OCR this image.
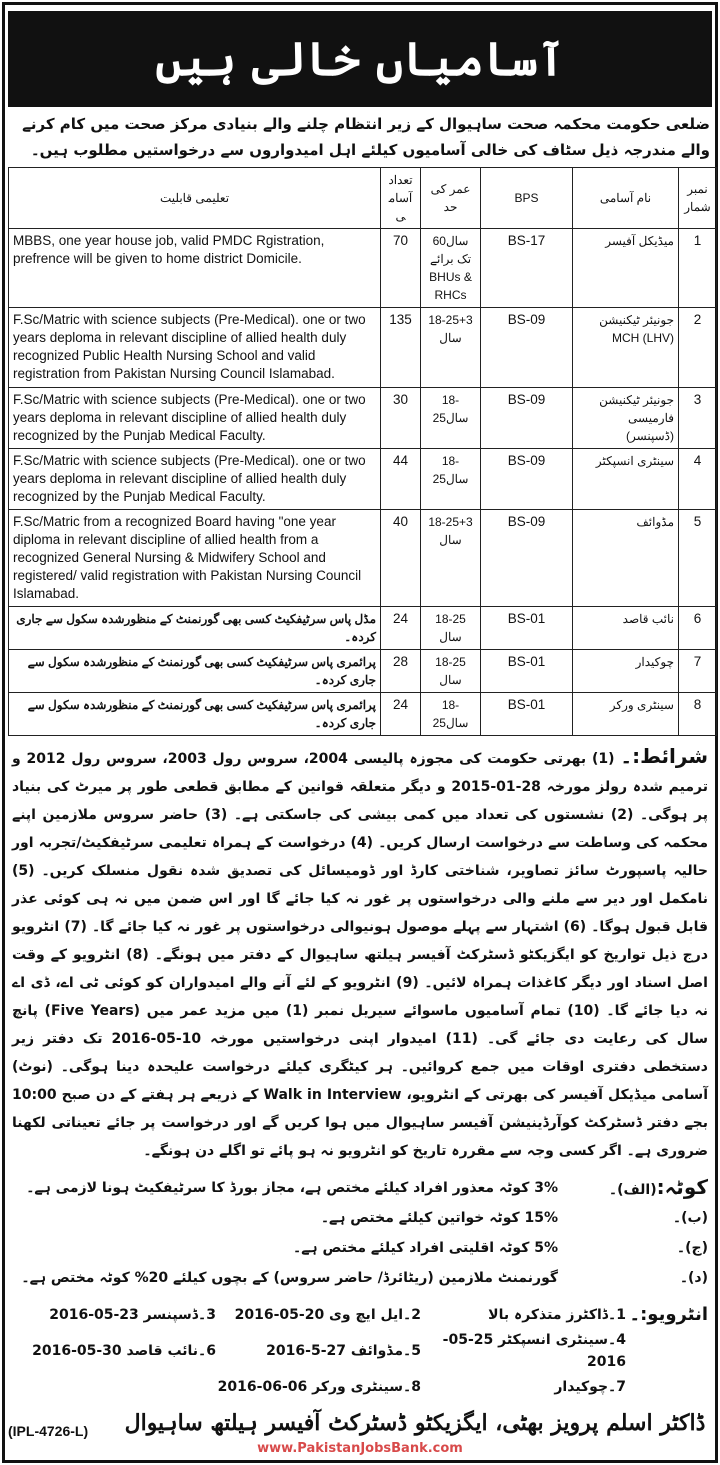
آسامیاں خالی ہیں
ضلعی حکومت محکمہ صحت ساہیوال کے زیر انتظام چلنے والے بنیادی مرکز صحت میں کام کرنے والے مندرجہ ذیل سٹاف کی خالی آسامیوں کیلئے اہل امیدواروں سے درخواستیں مطلوب ہیں۔
تعلیمی قابلیت	تعداد آسامی	عمر کی حد	BPS	نام آسامی	نمبر شمار
MBBS, one year house job, valid PMDC Rgistration, prefrence will be given to home district Domicile.	70	60سال تک برائے BHUs & RHCs	BS-17	میڈیکل آفیسر	1
F.Sc/Matric with science subjects (Pre-Medical). one or two years deploma in relevant discipline of allied health duly recognized Public Health Nursing School and valid registration from Pakistan Nursing Council Islamabad.	135	18-25+3 سال	BS-09	جونیئر ٹیکنیشن (LHV) MCH	2
F.Sc/Matric with science subjects (Pre-Medical). one or two years deploma in relevant discipline of allied health duly recognized by the Punjab Medical Faculty.	30	18-25سال	BS-09	جونیئر ٹیکنیشن فارمیسی (ڈسپنسر)	3
F.Sc/Matric with science subjects (Pre-Medical). one or two years deploma in relevant discipline of allied health duly recognized by the Punjab Medical Faculty.	44	18-25سال	BS-09	سینٹری انسپکٹر	4
F.Sc/Matric from a recognized Board having "one year diploma in relevant discipline of allied health from a recognized General Nursing & Midwifery School and registered/ valid registration with Pakistan Nursing Council Islamabad.	40	18-25+3 سال	BS-09	مڈوائف	5
مڈل پاس سرٹیفکیٹ کسی بھی گورنمنٹ کے منظورشدہ سکول سے جاری کردہ۔	24	18-25 سال	BS-01	نائب قاصد	6
پرائمری پاس سرٹیفکیٹ کسی بھی گورنمنٹ کے منظورشدہ سکول سے جاری کردہ۔	28	18-25 سال	BS-01	چوکیدار	7
پرائمری پاس سرٹیفکیٹ کسی بھی گورنمنٹ کے منظورشدہ سکول سے جاری کردہ۔	24	18-25سال	BS-01	سینٹری ورکر	8
شرائط:۔ (1) بھرتی حکومت کی مجوزہ پالیسی 2004، سروس رول 2003، سروس رول 2012 و ترمیم شدہ رولز مورخہ 28-01-2015 و دیگر متعلقہ قوانین کے مطابق قطعی طور پر میرٹ کی بنیاد پر ہوگی۔ (2) نشستوں کی تعداد میں کمی بیشی کی جاسکتی ہے۔ (3) حاضر سروس ملازمین اپنے محکمہ کی وساطت سے درخواست ارسال کریں۔ (4) درخواست کے ہمراہ تعلیمی سرٹیفکیٹ/تجربہ اور حالیہ پاسپورٹ سائز تصاویر، شناختی کارڈ اور ڈومیسائل کی تصدیق شدہ نقول منسلک کریں۔ (5) نامکمل اور دیر سے ملنے والی درخواستوں پر غور نہ کیا جائے گا اور اس ضمن میں نہ ہی کوئی عذر قابل قبول ہوگا۔ (6) اشتہار سے پہلے موصول ہونیوالی درخواستوں پر غور نہ کیا جائے گا۔ (7) انٹرویو درج ذیل تواریخ کو ایگزیکٹو ڈسٹرکٹ آفیسر ہیلتھ ساہیوال کے دفتر میں ہونگے۔ (8) انٹرویو کے وقت اصل اسناد اور دیگر کاغذات ہمراہ لائیں۔ (9) انٹرویو کے لئے آنے والے امیدواران کو کوئی ٹی اے، ڈی اے نہ دیا جائے گا۔ (10) تمام آسامیوں ماسوائے سیریل نمبر (1) میں مزید عمر میں (Five Years) پانچ سال کی رعایت دی جائے گی۔ (11) امیدوار اپنی درخواستیں مورخہ 10-05-2016 تک دفتر زیر دستخطی دفتری اوقات میں جمع کروائیں۔ ہر کیٹگری کیلئے درخواست علیحدہ دینا ہوگی۔ (نوٹ) آسامی میڈیکل آفیسر کی بھرتی کے انٹرویو، Walk in Interview کے ذریعے ہر ہفتے کے دن صبح 10:00 بجے دفتر ڈسٹرکٹ کوآرڈینیشن آفیسر ساہیوال میں ہوا کریں گے اور درخواست پر جائے تعیناتی لکھنا ضروری ہے۔ اگر کسی وجہ سے مقررہ تاریخ کو انٹرویو نہ ہو پائے تو اگلے دن ہونگے۔
کوٹہ:(الف)۔
3% کوٹہ معذور افراد کیلئے مختص ہے، مجاز بورڈ کا سرٹیفکیٹ ہونا لازمی ہے۔
(ب)۔
15% کوٹہ خواتین کیلئے مختص ہے۔
(ج)۔
5% کوٹہ اقلیتی افراد کیلئے مختص ہے۔
(د)۔
گورنمنٹ ملازمین (ریٹائرڈ/ حاضر سروس) کے بچوں کیلئے 20% کوٹہ مختص ہے۔
انٹرویو:۔
1۔ڈاکٹرز متذکرہ بالا
2۔ایل ایچ وی 20-05-2016
3۔ڈسپنسر 23-05-2016
4۔سینٹری انسپکٹر 25-05-2016
5۔مڈوائف 27-5-2016
6۔نائب قاصد 30-05-2016
7۔چوکیدار
8۔سینٹری ورکر 06-06-2016
(IPL-4726-L)	ڈاکٹر اسلم پرویز بھٹی، ایگزیکٹو ڈسٹرکٹ آفیسر ہیلتھ ساہیوال
www.PakistanJobsBank.com
